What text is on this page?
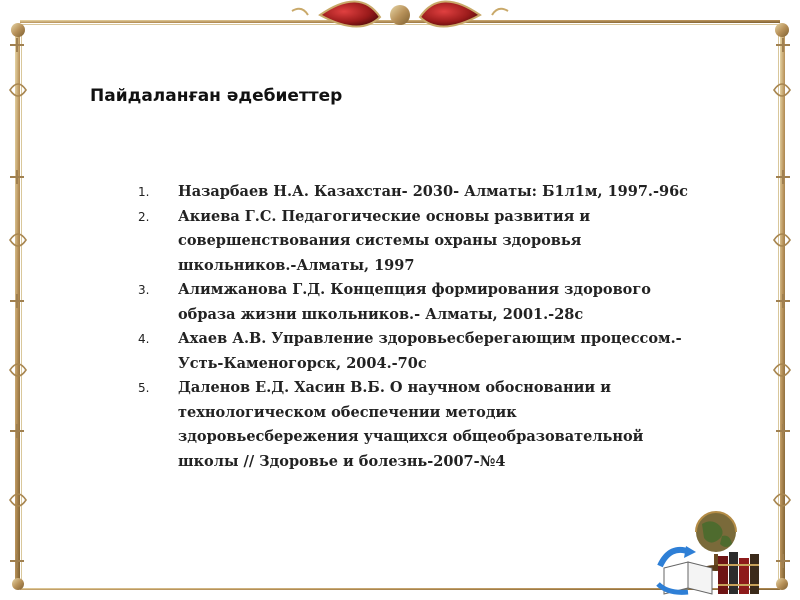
Пайдаланған әдебиеттер
1.	Назарбаев Н.А. Казахстан- 2030- Алматы: Б1л1м, 1997.-96с
2.	Акиева Г.С. Педагогические основы развития и совершенствования системы охраны здоровья школьников.-Алматы, 1997
3.	Алимжанова Г.Д. Концепция формирования здорового образа жизни школьников.- Алматы, 2001.-28с
4.	Ахаев А.В. Управление здоровьесберегающим процессом.- Усть-Каменогорск, 2004.-70с
5.	Даленов Е.Д. Хасин В.Б. О научном обосновании и технологическом обеспечении методик здоровьесбережения учащихся общеобразовательной школы // Здоровье и болезнь-2007-№4
